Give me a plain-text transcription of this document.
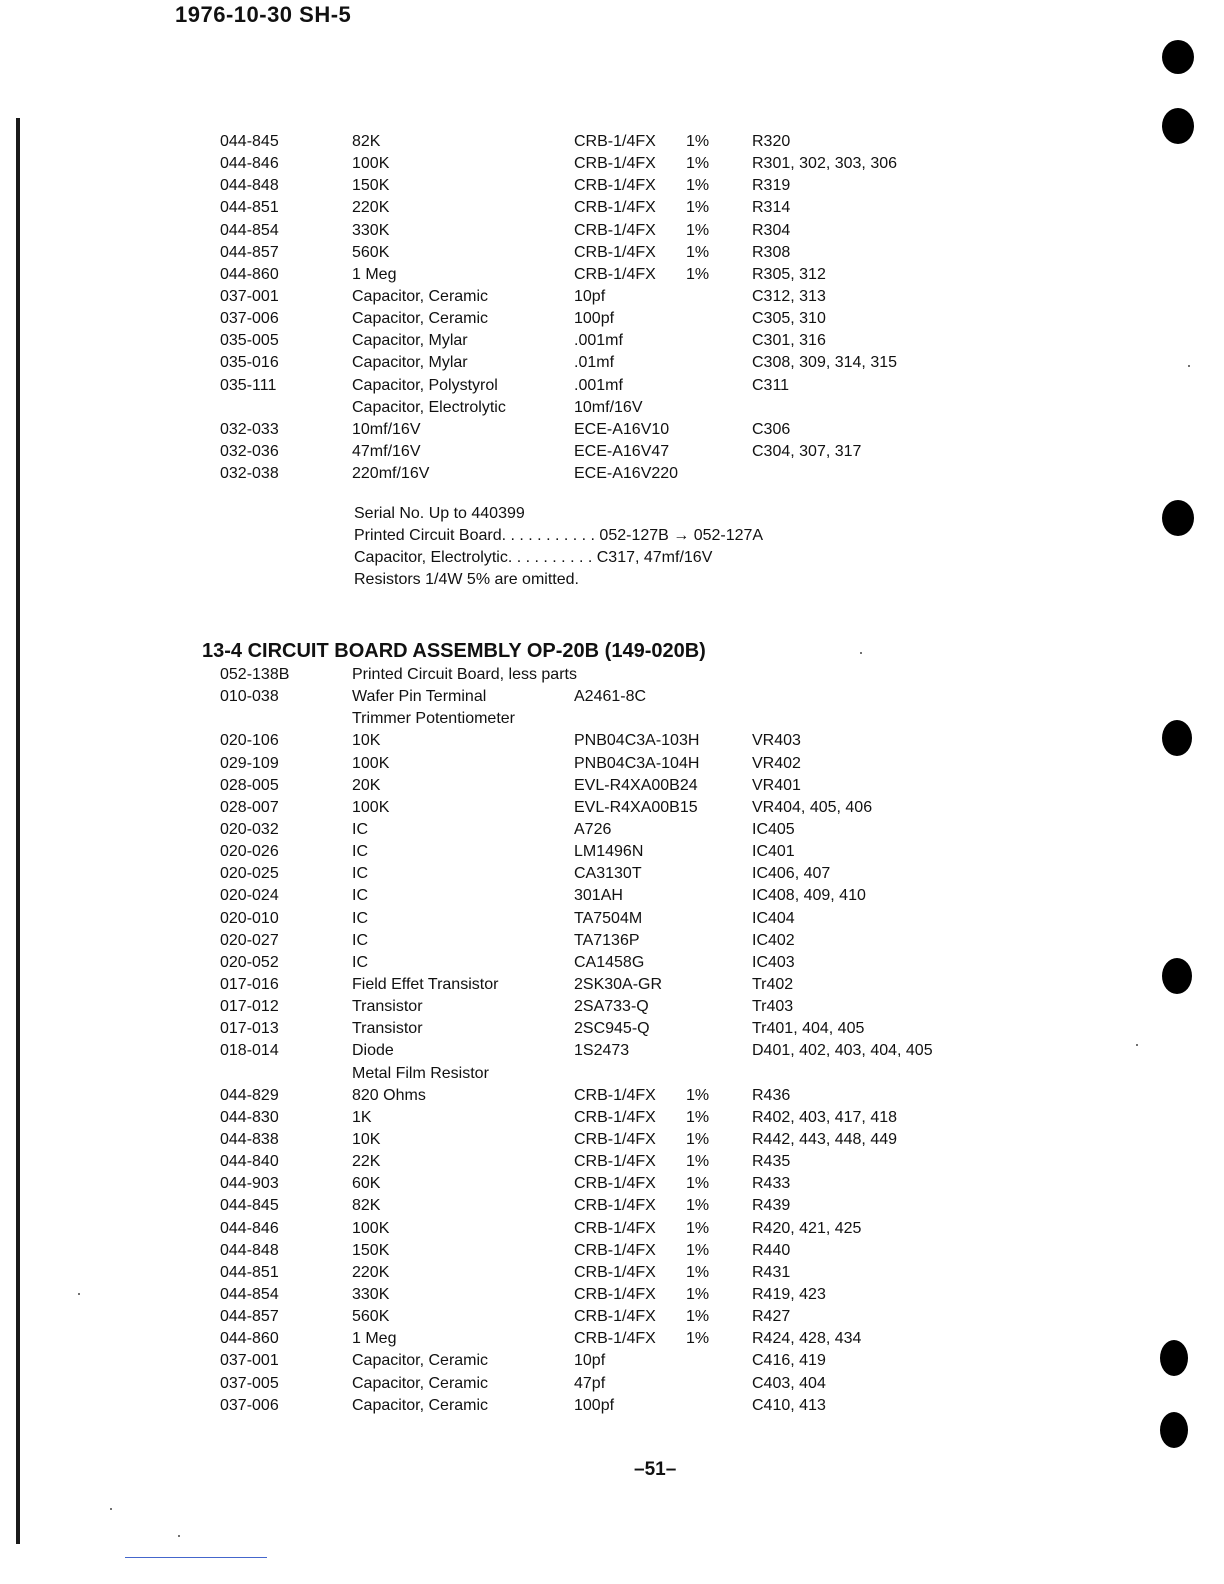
1976-10-30 SH-5
044-845	82K	CRB-1/4FX 1%	R320
044-846	100K	CRB-1/4FX 1%	R301, 302, 303, 306
044-848	150K	CRB-1/4FX 1%	R319
044-851	220K	CRB-1/4FX 1%	R314
044-854	330K	CRB-1/4FX 1%	R304
044-857	560K	CRB-1/4FX 1%	R308
044-860	1 Meg	CRB-1/4FX 1%	R305, 312
037-001	Capacitor, Ceramic	10pf	C312, 313
037-006	Capacitor, Ceramic	100pf	C305, 310
035-005	Capacitor, Mylar	.001mf	C301, 316
035-016	Capacitor, Mylar	.01mf	C308, 309, 314, 315
035-111	Capacitor, Polystyrol	.001mf	C311
Capacitor, Electrolytic	10mf/16V
032-033	10mf/16V	ECE-A16V10	C306
032-036	47mf/16V	ECE-A16V47	C304, 307, 317
032-038	220mf/16V	ECE-A16V220
Serial No. Up to 440399
Printed Circuit Board. . . . . . . . . . . 052-127B → 052-127A
Capacitor, Electrolytic. . . . . . . . . . C317, 47mf/16V
Resistors 1/4W 5% are omitted.
13-4 CIRCUIT BOARD ASSEMBLY OP-20B (149-020B)
052-138B	Printed Circuit Board, less parts
010-038	Wafer Pin Terminal	A2461-8C
Trimmer Potentiometer
020-106	10K	PNB04C3A-103H	VR403
029-109	100K	PNB04C3A-104H	VR402
028-005	20K	EVL-R4XA00B24	VR401
028-007	100K	EVL-R4XA00B15	VR404, 405, 406
020-032	IC	A726	IC405
020-026	IC	LM1496N	IC401
020-025	IC	CA3130T	IC406, 407
020-024	IC	301AH	IC408, 409, 410
020-010	IC	TA7504M	IC404
020-027	IC	TA7136P	IC402
020-052	IC	CA1458G	IC403
017-016	Field Effet Transistor	2SK30A-GR	Tr402
017-012	Transistor	2SA733-Q	Tr403
017-013	Transistor	2SC945-Q	Tr401, 404, 405
018-014	Diode	1S2473	D401, 402, 403, 404, 405
Metal Film Resistor
044-829	820 Ohms	CRB-1/4FX 1%	R436
044-830	1K	CRB-1/4FX 1%	R402, 403, 417, 418
044-838	10K	CRB-1/4FX 1%	R442, 443, 448, 449
044-840	22K	CRB-1/4FX 1%	R435
044-903	60K	CRB-1/4FX 1%	R433
044-845	82K	CRB-1/4FX 1%	R439
044-846	100K	CRB-1/4FX 1%	R420, 421, 425
044-848	150K	CRB-1/4FX 1%	R440
044-851	220K	CRB-1/4FX 1%	R431
044-854	330K	CRB-1/4FX 1%	R419, 423
044-857	560K	CRB-1/4FX 1%	R427
044-860	1 Meg	CRB-1/4FX 1%	R424, 428, 434
037-001	Capacitor, Ceramic	10pf	C416, 419
037-005	Capacitor, Ceramic	47pf	C403, 404
037-006	Capacitor, Ceramic	100pf	C410, 413
–51–
